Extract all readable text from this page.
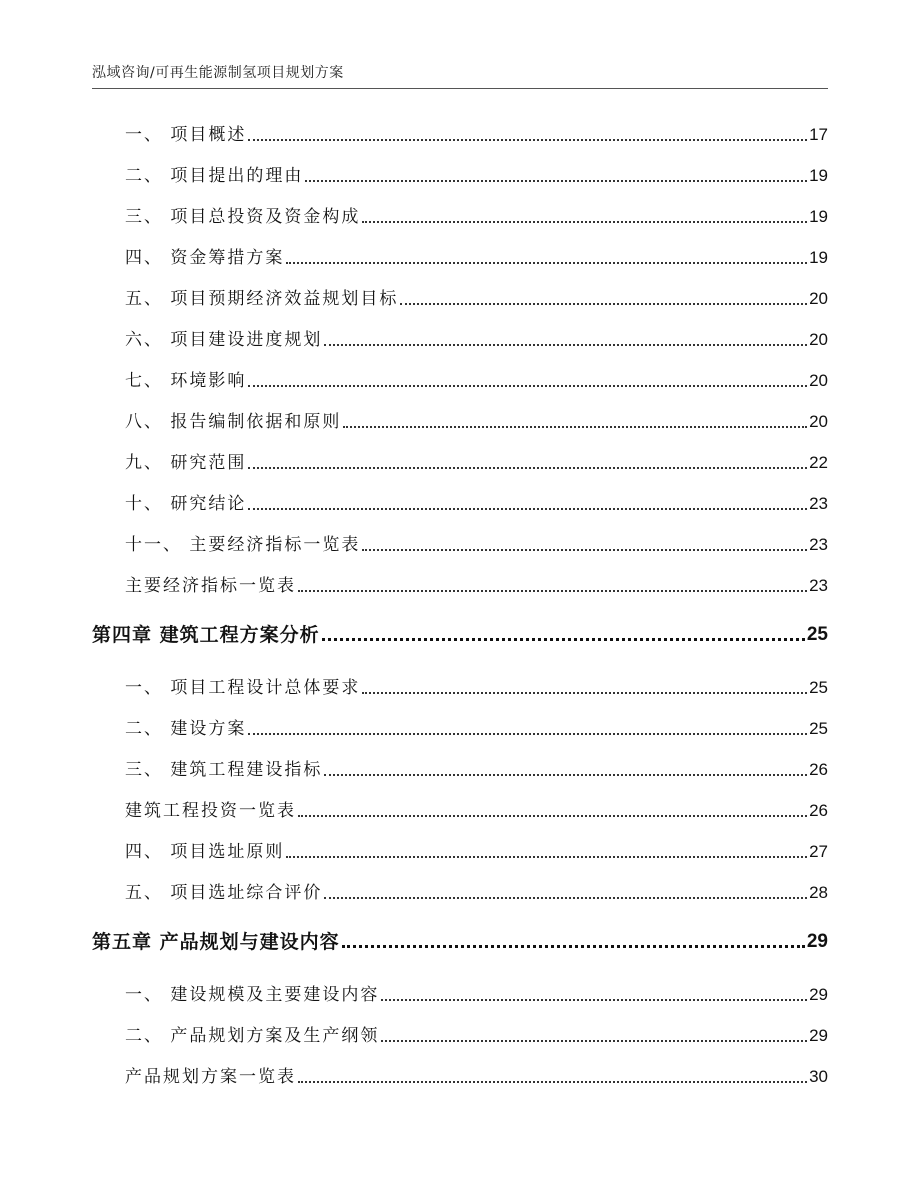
泓域咨询/可再生能源制氢项目规划方案
一、 项目概述	17
二、 项目提出的理由	19
三、 项目总投资及资金构成	19
四、 资金筹措方案	19
五、 项目预期经济效益规划目标	20
六、 项目建设进度规划	20
七、 环境影响	20
八、 报告编制依据和原则	20
九、 研究范围	22
十、 研究结论	23
十一、 主要经济指标一览表	23
主要经济指标一览表	23
第四章 建筑工程方案分析	25
一、 项目工程设计总体要求	25
二、 建设方案	25
三、 建筑工程建设指标	26
建筑工程投资一览表	26
四、 项目选址原则	27
五、 项目选址综合评价	28
第五章 产品规划与建设内容	29
一、 建设规模及主要建设内容	29
二、 产品规划方案及生产纲领	29
产品规划方案一览表	30
